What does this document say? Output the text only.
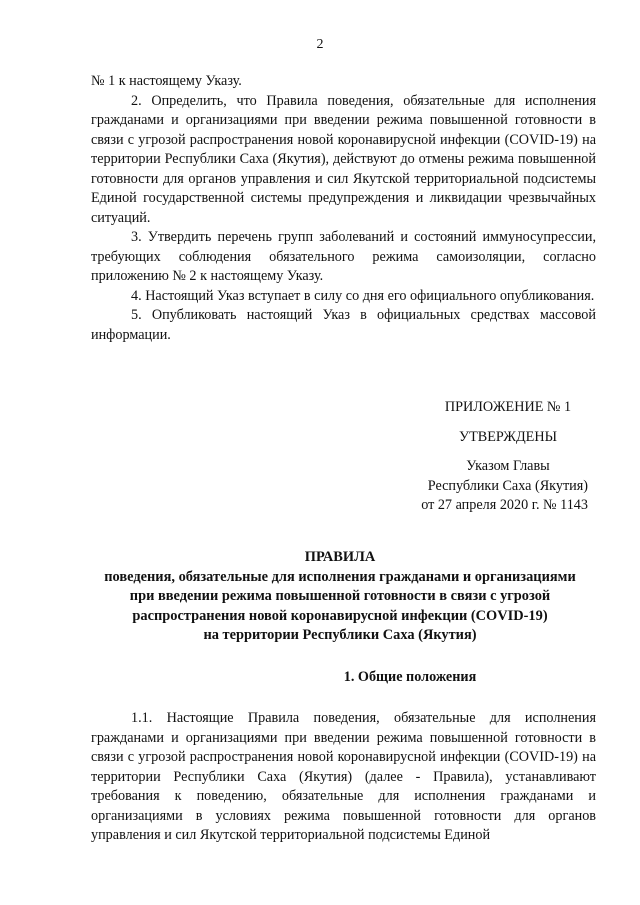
2

№ 1 к настоящему Указу.

2. Определить, что Правила поведения, обязательные для исполнения гражданами и организациями при введении режима повышенной готовности в связи с угрозой распространения новой коронавирусной инфекции (COVID-19) на территории Республики Саха (Якутия), действуют до отмены режима повышенной готовности для органов управления и сил Якутской территориальной подсистемы Единой государственной системы предупреждения и ликвидации чрезвычайных ситуаций.

3. Утвердить перечень групп заболеваний и состояний иммуносупрессии, требующих соблюдения обязательного режима самоизоляции, согласно приложению № 2 к настоящему Указу.

4. Настоящий Указ вступает в силу со дня его официального опубликования.

5. Опубликовать настоящий Указ в официальных средствах массовой информации.

ПРИЛОЖЕНИЕ № 1
УТВЕРЖДЕНЫ
Указом Главы
Республики Саха (Якутия)
от 27 апреля 2020 г. № 1143
ПРАВИЛА
поведения, обязательные для исполнения гражданами и организациями
при введении режима повышенной готовности в связи с угрозой
распространения новой коронавирусной инфекции (COVID-19)
на территории Республики Саха (Якутия)
1. Общие положения

1.1. Настоящие Правила поведения, обязательные для исполнения гражданами и организациями при введении режима повышенной готовности в связи с угрозой распространения новой коронавирусной инфекции (COVID-19) на территории Республики Саха (Якутия) (далее - Правила), устанавливают требования к поведению, обязательные для исполнения гражданами и организациями в условиях режима повышенной готовности для органов управления и сил Якутской территориальной подсистемы Единой
